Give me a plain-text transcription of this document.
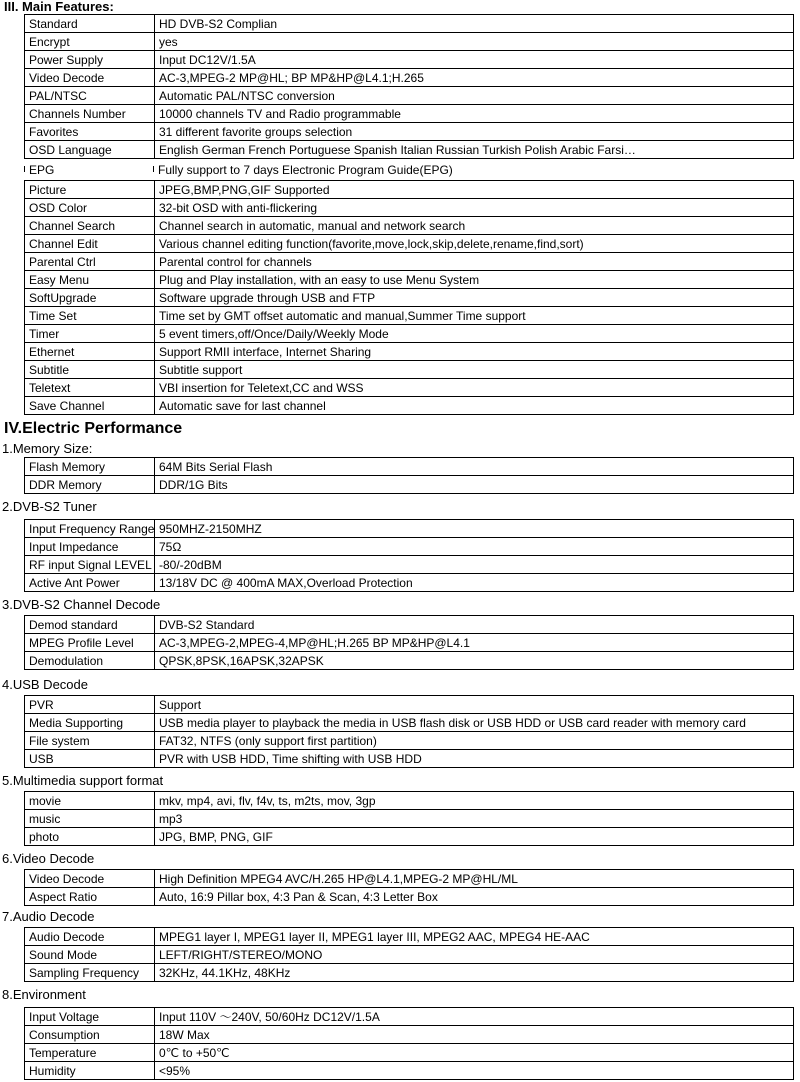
III. Main Features:
Standard	HD DVB-S2 Complian
Encrypt	yes
Power Supply	Input DC12V/1.5A
Video Decode	AC-3,MPEG-2 MP@HL; BP MP&HP@L4.1;H.265
PAL/NTSC	Automatic PAL/NTSC conversion
Channels Number	10000 channels TV and Radio programmable
Favorites	31 different favorite groups selection
OSD Language	English German French Portuguese Spanish Italian Russian Turkish Polish Arabic Farsi…
EPG	Fully support to 7 days Electronic Program Guide(EPG)
Picture	JPEG,BMP,PNG,GIF Supported
OSD Color	32-bit OSD with anti-flickering
Channel Search	Channel search in automatic, manual and network search
Channel Edit	Various channel editing function(favorite,move,lock,skip,delete,rename,find,sort)
Parental Ctrl	Parental control for channels
Easy Menu	Plug and Play installation, with an easy to use Menu System
SoftUpgrade	Software upgrade through USB and FTP
Time Set	Time set by GMT offset automatic and manual,Summer Time support
Timer	5 event timers,off/Once/Daily/Weekly Mode
Ethernet	Support RMII interface, Internet Sharing
Subtitle	Subtitle support
Teletext	VBI insertion for Teletext,CC and WSS
Save Channel	Automatic save for last channel
IV.Electric Performance
1.Memory Size:
Flash Memory	64M Bits Serial Flash
DDR Memory	DDR/1G Bits
2.DVB-S2 Tuner
Input Frequency Range	950MHZ-2150MHZ
Input Impedance	75Ω
RF input Signal LEVEL	-80/-20dBM
Active Ant Power	13/18V DC @ 400mA MAX,Overload Protection
3.DVB-S2 Channel Decode
Demod standard	DVB-S2 Standard
MPEG Profile Level	AC-3,MPEG-2,MPEG-4,MP@HL;H.265 BP MP&HP@L4.1
Demodulation	QPSK,8PSK,16APSK,32APSK
4.USB Decode
PVR	Support
Media Supporting	USB media player to playback the media in USB flash disk or USB HDD or USB card reader with memory card
File system	FAT32, NTFS (only support first partition)
USB	PVR with USB HDD, Time shifting with USB HDD
5.Multimedia support format
movie	mkv, mp4, avi, flv, f4v, ts, m2ts, mov, 3gp
music	mp3
photo	JPG, BMP, PNG, GIF
6.Video Decode
Video Decode	High Definition MPEG4 AVC/H.265 HP@L4.1,MPEG-2 MP@HL/ML
Aspect Ratio	Auto, 16:9 Pillar box, 4:3 Pan & Scan, 4:3 Letter Box
7.Audio Decode
Audio Decode	MPEG1 layer I, MPEG1 layer II, MPEG1 layer III, MPEG2 AAC, MPEG4 HE-AAC
Sound Mode	LEFT/RIGHT/STEREO/MONO
Sampling Frequency	32KHz, 44.1KHz, 48KHz
8.Environment
Input Voltage	Input 110V ～240V, 50/60Hz DC12V/1.5A
Consumption	18W Max
Temperature	0℃ to +50℃
Humidity	<95%
